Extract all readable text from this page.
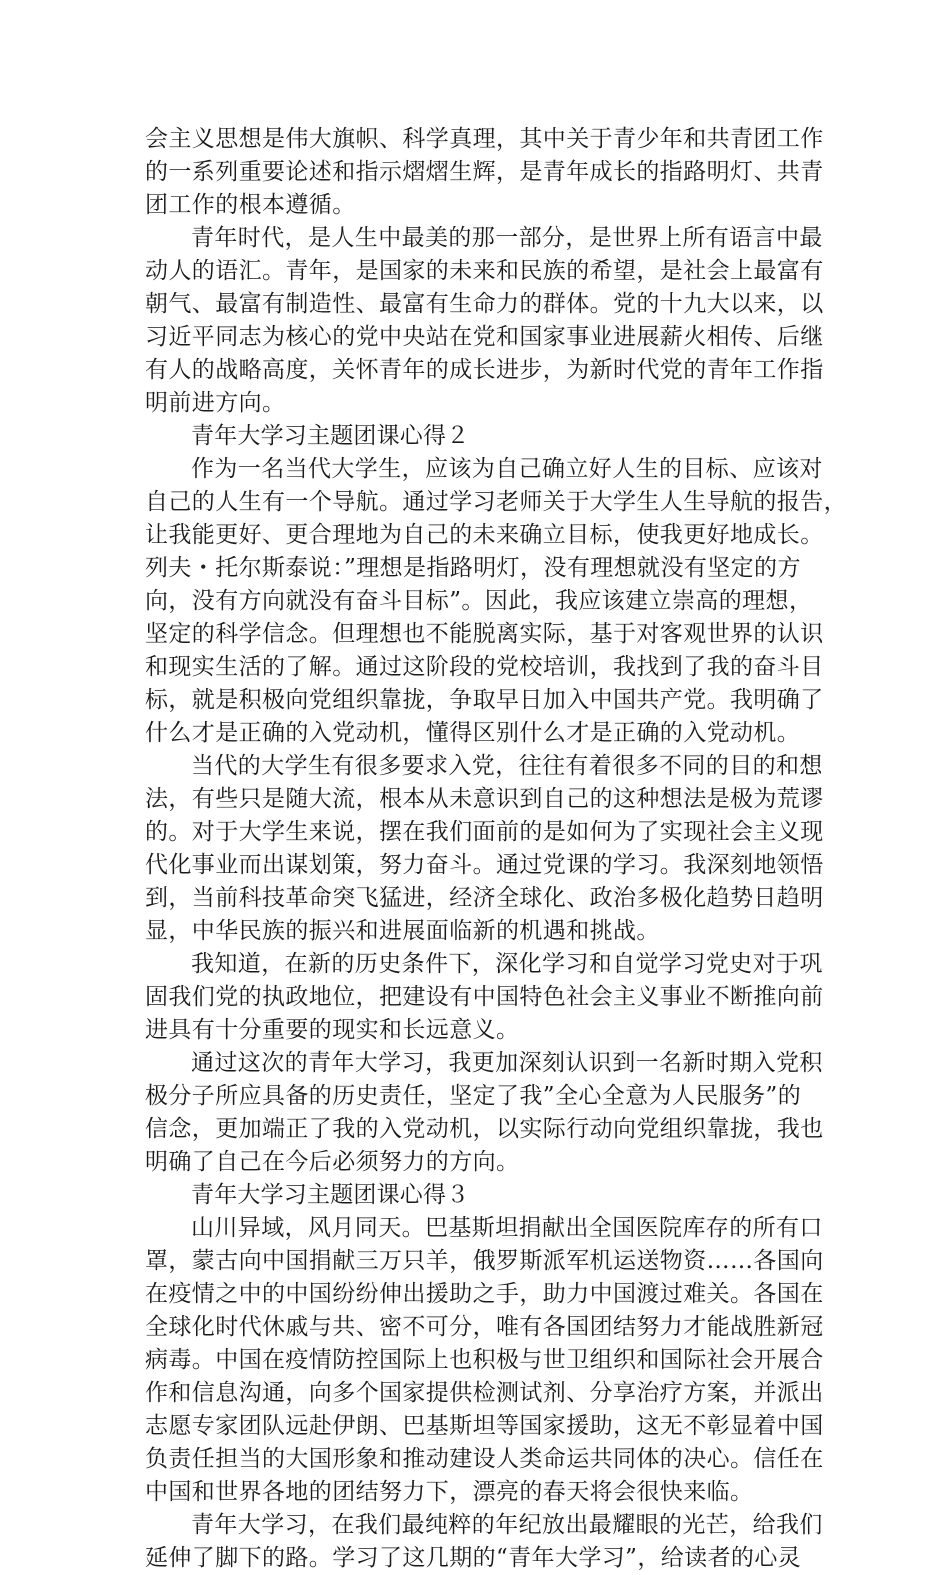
会主义思想是伟大旗帜、科学真理，其中关于青少年和共青团工作
的一系列重要论述和指示熠熠生辉，是青年成长的指路明灯、共青
团工作的根本遵循。
青年时代，是人生中最美的那一部分，是世界上所有语言中最
动人的语汇。青年，是国家的未来和民族的希望，是社会上最富有
朝气、最富有制造性、最富有生命力的群体。党的十九大以来，以
习近平同志为核心的党中央站在党和国家事业进展薪火相传、后继
有人的战略高度，关怀青年的成长进步，为新时代党的青年工作指
明前进方向。
青年大学习主题团课心得２
作为一名当代大学生，应该为自己确立好人生的目标、应该对
自己的人生有一个导航。通过学习老师关于大学生人生导航的报告，
让我能更好、更合理地为自己的未来确立目标，使我更好地成长。
列夫・托尔斯泰说：”理想是指路明灯，没有理想就没有坚定的方
向，没有方向就没有奋斗目标”。因此，我应该建立崇高的理想，
坚定的科学信念。但理想也不能脱离实际，基于对客观世界的认识
和现实生活的了解。通过这阶段的党校培训，我找到了我的奋斗目
标，就是积极向党组织靠拢，争取早日加入中国共产党。我明确了
什么才是正确的入党动机，懂得区别什么才是正确的入党动机。
当代的大学生有很多要求入党，往往有着很多不同的目的和想
法，有些只是随大流，根本从未意识到自己的这种想法是极为荒谬
的。对于大学生来说，摆在我们面前的是如何为了实现社会主义现
代化事业而出谋划策，努力奋斗。通过党课的学习。我深刻地领悟
到，当前科技革命突飞猛进，经济全球化、政治多极化趋势日趋明
显，中华民族的振兴和进展面临新的机遇和挑战。
我知道，在新的历史条件下，深化学习和自觉学习党史对于巩
固我们党的执政地位，把建设有中国特色社会主义事业不断推向前
进具有十分重要的现实和长远意义。
通过这次的青年大学习，我更加深刻认识到一名新时期入党积
极分子所应具备的历史责任，坚定了我”全心全意为人民服务”的
信念，更加端正了我的入党动机，以实际行动向党组织靠拢，我也
明确了自己在今后必须努力的方向。
青年大学习主题团课心得３
山川异域，风月同天。巴基斯坦捐献出全国医院库存的所有口
罩，蒙古向中国捐献三万只羊，俄罗斯派军机运送物资……各国向
在疫情之中的中国纷纷伸出援助之手，助力中国渡过难关。各国在
全球化时代休戚与共、密不可分，唯有各国团结努力才能战胜新冠
病毒。中国在疫情防控国际上也积极与世卫组织和国际社会开展合
作和信息沟通，向多个国家提供检测试剂、分享治疗方案，并派出
志愿专家团队远赴伊朗、巴基斯坦等国家援助，这无不彰显着中国
负责任担当的大国形象和推动建设人类命运共同体的决心。信任在
中国和世界各地的团结努力下，漂亮的春天将会很快来临。
青年大学习，在我们最纯粹的年纪放出最耀眼的光芒，给我们
延伸了脚下的路。学习了这几期的“青年大学习”，给读者的心灵
